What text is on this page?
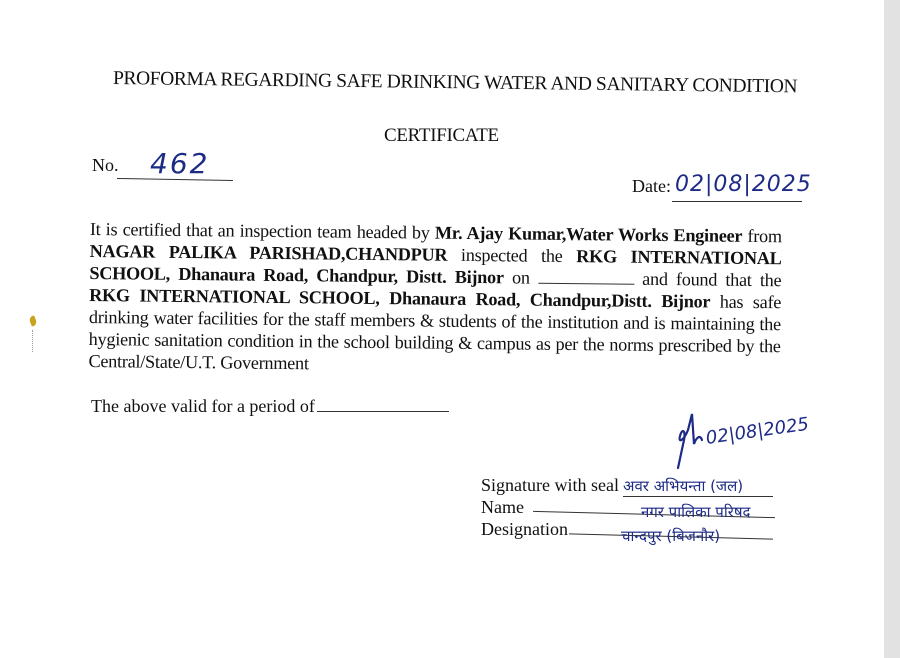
PROFORMA REGARDING SAFE DRINKING WATER AND SANITARY CONDITION
CERTIFICATE
No. 462
Date: 02|08|2025
It is certified that an inspection team headed by Mr. Ajay Kumar,Water Works Engineer from NAGAR PALIKA PARISHAD,CHANDPUR inspected the RKG INTERNATIONAL SCHOOL, Dhanaura Road, Chandpur, Distt. Bijnor on	and found that the RKG INTERNATIONAL SCHOOL, Dhanaura Road, Chandpur,Distt. Bijnor has safe drinking water facilities for the staff members & students of the institution and is maintaining the hygienic sanitation condition in the school building & campus as per the norms prescribed by the Central/State/U.T. Government
The above valid for a period of
02|08|2025
Signature with seal अवर अभियन्ता (जल)
Name	नगर पालिका परिषद
Designation	चान्दपुर (बिजनौर)
